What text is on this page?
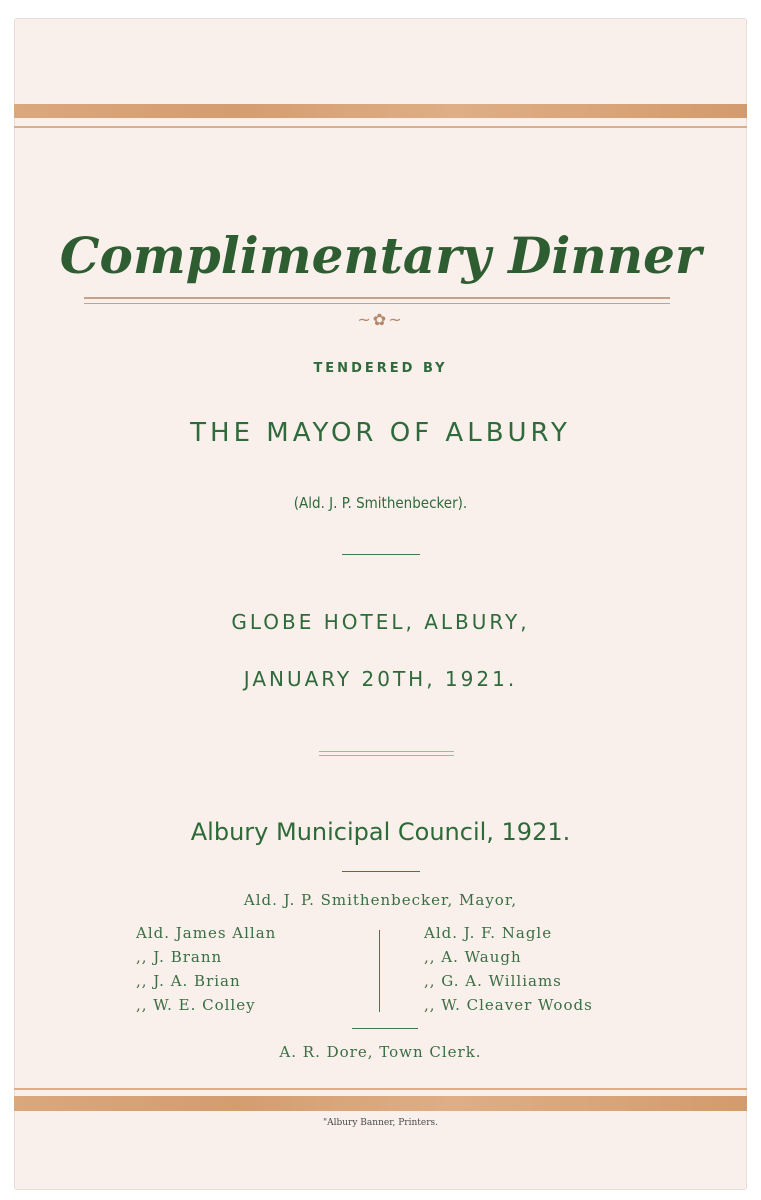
Complimentary Dinner
~✿~
TENDERED BY
THE MAYOR OF ALBURY
(Ald. J. P. Smithenbecker).
GLOBE HOTEL, ALBURY,
JANUARY 20TH, 1921.
Albury Municipal Council, 1921.
Ald. J. P. Smithenbecker, Mayor,
Ald. James Allan
,, J. Brann
,, J. A. Brian
,, W. E. Colley
Ald. J. F. Nagle
,, A. Waugh
,, G. A. Williams
,, W. Cleaver Woods
A. R. Dore, Town Clerk.
"Albury Banner, Printers.
